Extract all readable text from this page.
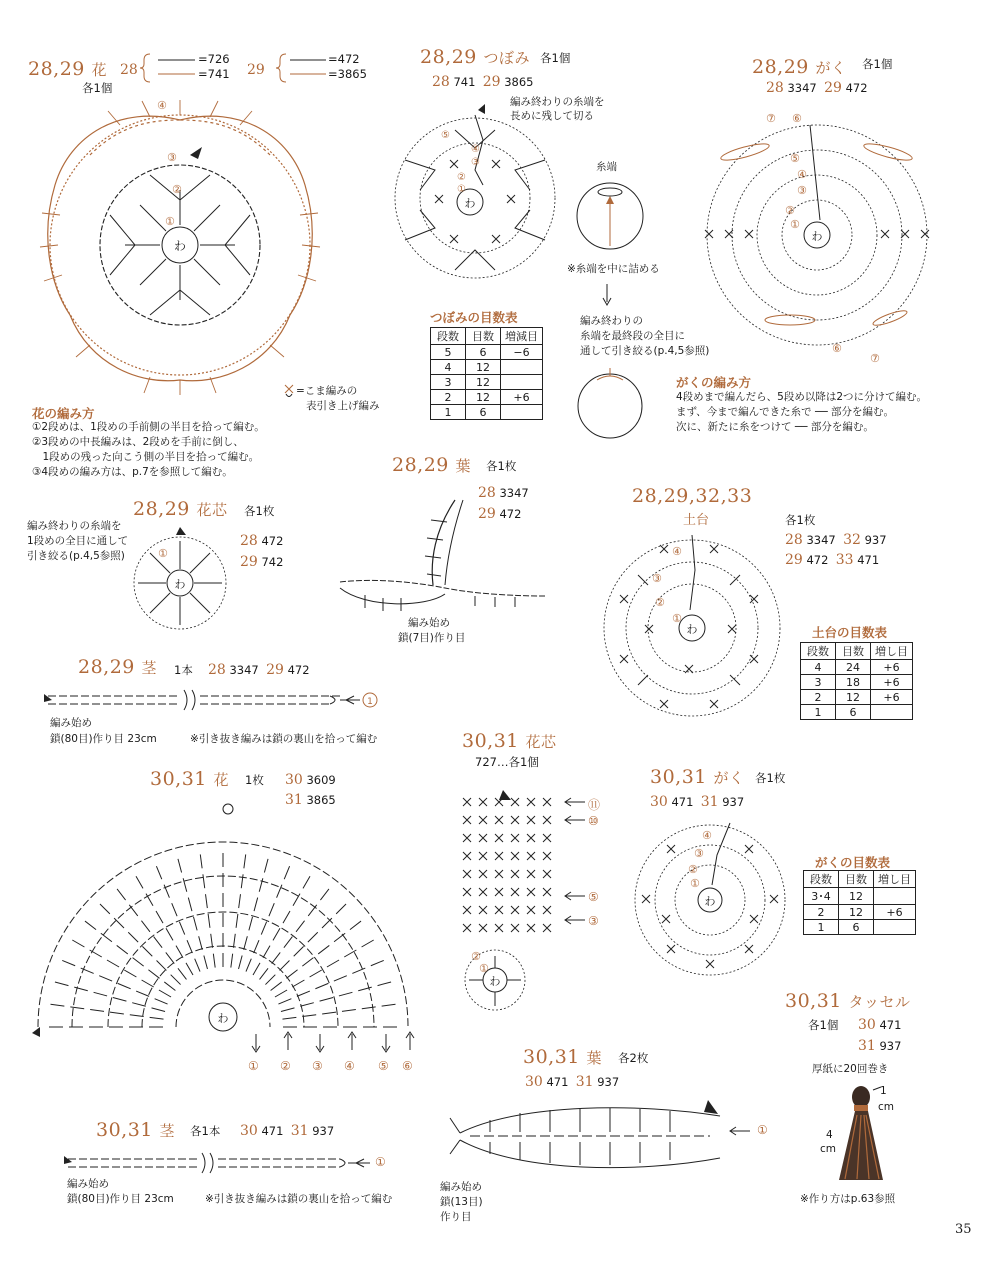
28,29 花 28
=726
=741 29
=472
=3865
各1個
わ
④
③
②
①
=こま編みの
表引き上げ編み
花の編み方
①2段めは、1段めの手前側の半目を拾って編む。
②3段めの中長編みは、2段めを手前に倒し、
　1段めの残った向こう側の半目を拾って編む。
③4段めの編み方は、p.7を参照して編む。
28,29 つぼみ 各1個
28 741 29 3865
編み終わりの糸端を
長めに残して切る
わ
⑤
④
③
②
①
つぼみの目数表
段数	目数	増減目
5	6	−6
4	12	
3	12	
2	12	+6
1	6	
糸端
※糸端を中に詰める
編み終わりの
糸端を最終段の全目に
通して引き絞る(p.4,5参照)
28,29 がく 各1個
28 3347 29 472
わ
⑦ ⑥
⑤
④
③
②
①
⑥
⑦
がくの編み方
4段めまで編んだら、5段め以降は2つに分けて編む。
まず、今まで編んできた糸で ── 部分を編む。
次に、新たに糸をつけて ── 部分を編む。
28,29 花芯 各1枚
編み終わりの糸端を
1段めの全目に通して
引き絞る(p.4,5参照)
28 472
29 742
わ
①
28,29 葉 各1枚
28 3347
29 472
編み始め
鎖(7目)作り目
28,29,32,33
土台	各1枚
28 3347 32 937
29 472 33 471
わ
④
③
②
①
土台の目数表
段数	目数	増し目
4	24	+6
3	18	+6
2	12	+6
1	6	
28,29 茎 1本 28 3347 29 472
1
編み始め
鎖(80目)作り目 23cm	※引き抜き編みは鎖の裏山を拾って編む
30,31 花 1枚 30 3609
31 3865
わ
① ② ③ ④ ⑤ ⑥
30,31 花芯
727…各1個
わ
②
①
⑪
⑩
⑤
③
30,31 がく 各1枚
30 471 31 937
わ
④
③
②
①
がくの目数表
段数	目数	増し目
3･4	12	
2	12	+6
1	6	
30,31 タッセル
各1個 30 471
31 937
厚紙に20回巻き
1
cm
4
cm
※作り方はp.63参照
30,31 葉 各2枚
30 471 31 937
①
編み始め
鎖(13目)
作り目
30,31 茎 各1本 30 471 31 937
①
編み始め
鎖(80目)作り目 23cm	※引き抜き編みは鎖の裏山を拾って編む
35
